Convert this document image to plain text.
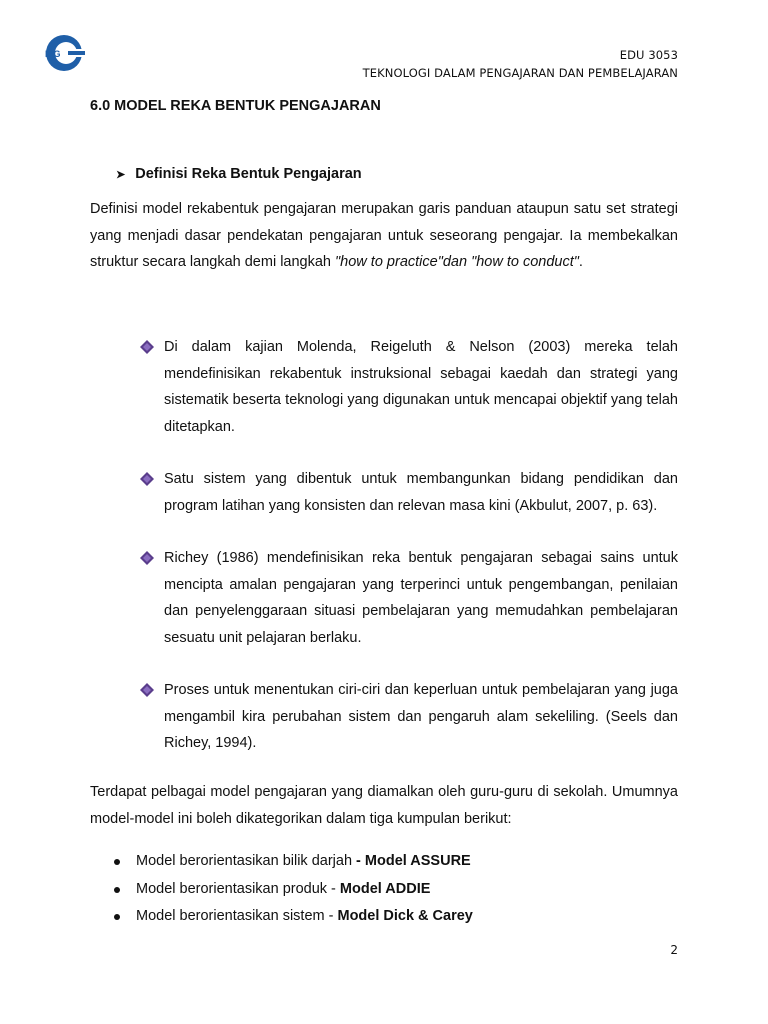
IPG	EDU 3053
TEKNOLOGI DALAM PENGAJARAN DAN PEMBELAJARAN
6.0 MODEL REKA BENTUK PENGAJARAN
➤ Definisi Reka Bentuk Pengajaran

Definisi model rekabentuk pengajaran merupakan garis panduan ataupun satu set strategi yang menjadi dasar pendekatan pengajaran untuk seseorang pengajar. Ia membekalkan struktur secara langkah demi langkah "how to practice"dan "how to conduct".

Di dalam kajian Molenda, Reigeluth & Nelson (2003) mereka telah mendefinisikan rekabentuk instruksional sebagai kaedah dan strategi yang sistematik beserta teknologi yang digunakan untuk mencapai objektif yang telah ditetapkan.
Satu sistem yang dibentuk untuk membangunkan bidang pendidikan dan program latihan yang konsisten dan relevan masa kini (Akbulut, 2007, p. 63).
Richey (1986) mendefinisikan reka bentuk pengajaran sebagai sains untuk mencipta amalan pengajaran yang terperinci untuk pengembangan, penilaian dan penyelenggaraan situasi pembelajaran yang memudahkan pembelajaran sesuatu unit pelajaran berlaku.
Proses untuk menentukan ciri-ciri dan keperluan untuk pembelajaran yang juga mengambil kira perubahan sistem dan pengaruh alam sekeliling. (Seels dan Richey, 1994).

Terdapat pelbagai model pengajaran yang diamalkan oleh guru-guru di sekolah. Umumnya model-model ini boleh dikategorikan dalam tiga kumpulan berikut:

Model berorientasikan bilik darjah - Model ASSURE
Model berorientasikan produk - Model ADDIE
Model berorientasikan sistem - Model Dick & Carey
2
